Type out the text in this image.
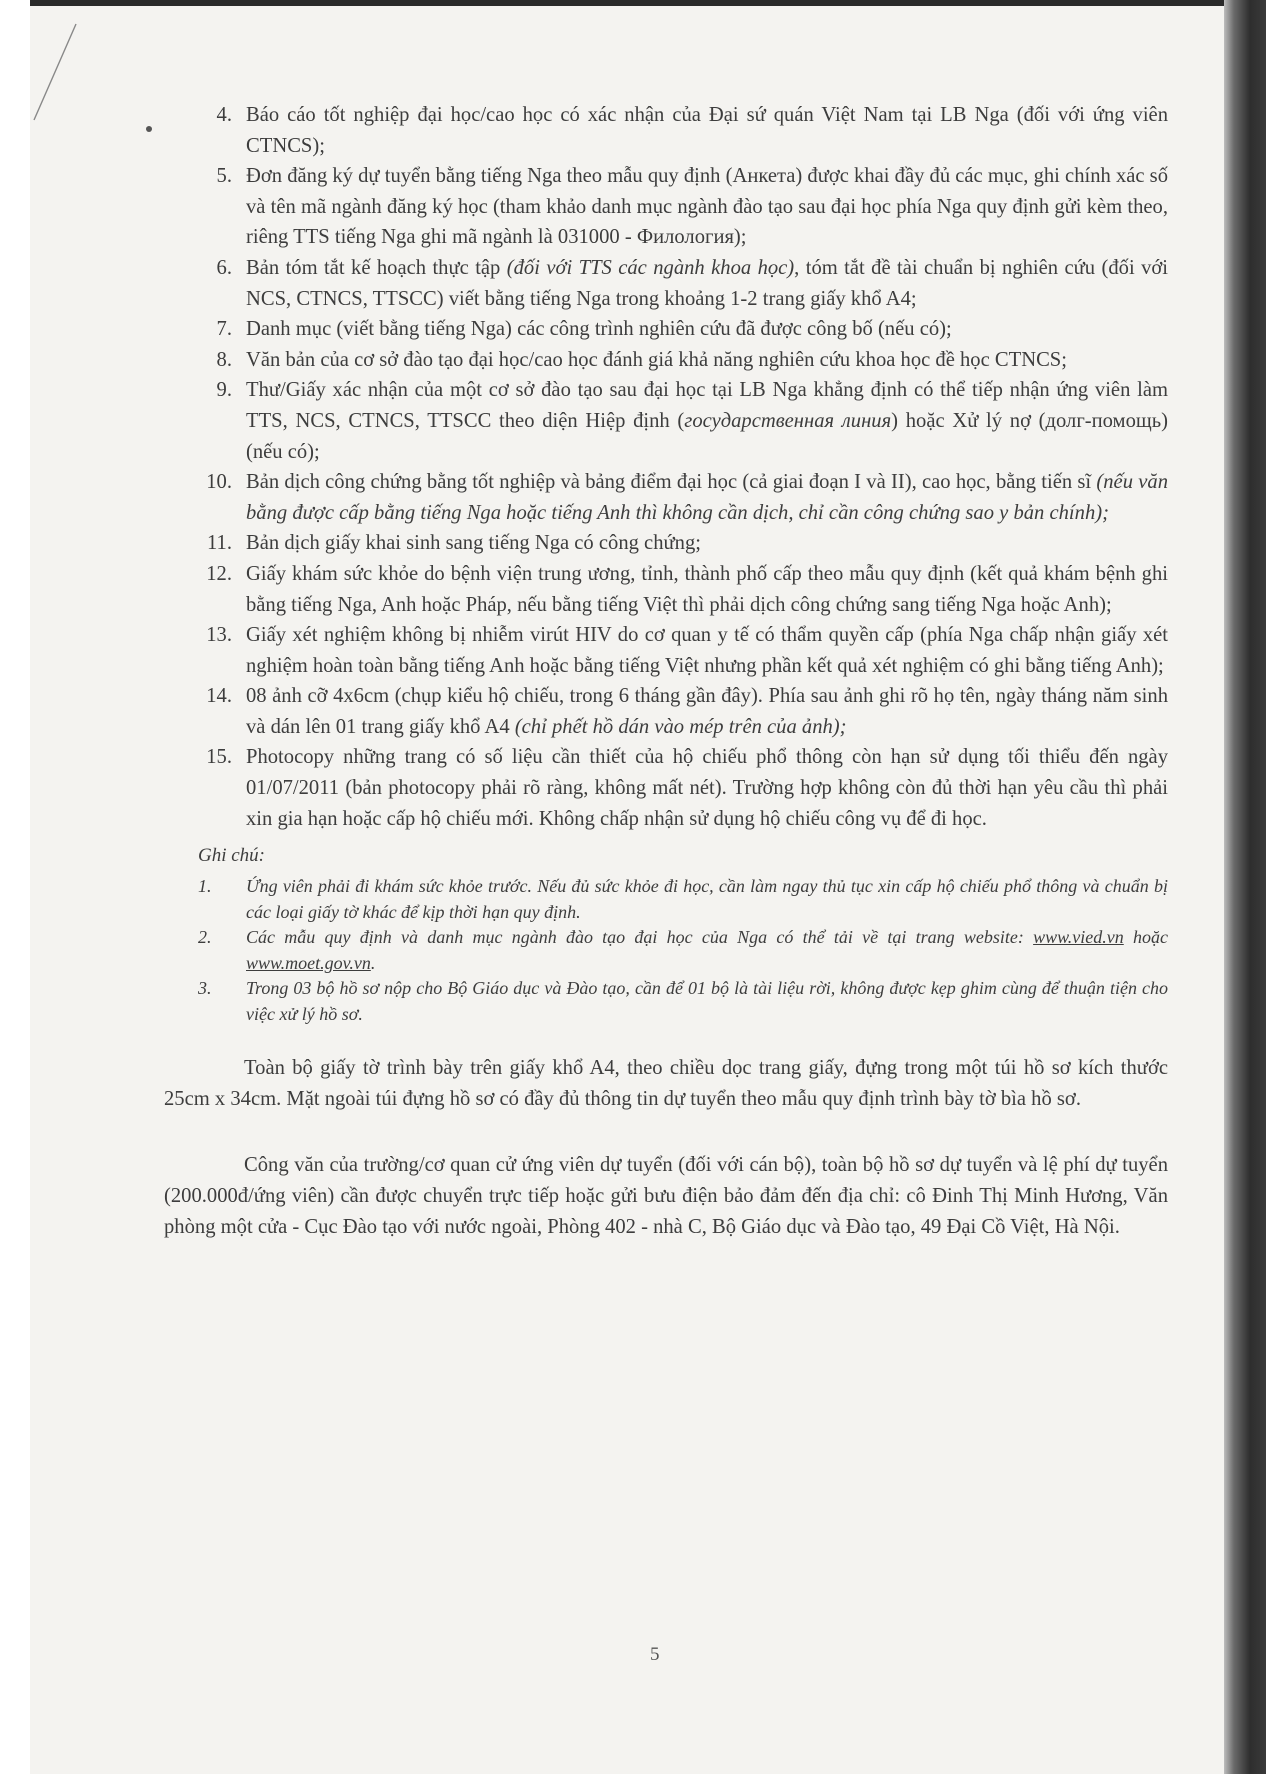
4. Báo cáo tốt nghiệp đại học/cao học có xác nhận của Đại sứ quán Việt Nam tại LB Nga (đối với ứng viên CTNCS);
5. Đơn đăng ký dự tuyển bằng tiếng Nga theo mẫu quy định (Анкета) được khai đầy đủ các mục, ghi chính xác số và tên mã ngành đăng ký học (tham khảo danh mục ngành đào tạo sau đại học phía Nga quy định gửi kèm theo, riêng TTS tiếng Nga ghi mã ngành là 031000 - Филология);
6. Bản tóm tắt kế hoạch thực tập (đối với TTS các ngành khoa học), tóm tắt đề tài chuẩn bị nghiên cứu (đối với NCS, CTNCS, TTSCC) viết bằng tiếng Nga trong khoảng 1-2 trang giấy khổ A4;
7. Danh mục (viết bằng tiếng Nga) các công trình nghiên cứu đã được công bố (nếu có);
8. Văn bản của cơ sở đào tạo đại học/cao học đánh giá khả năng nghiên cứu khoa học đề học CTNCS;
9. Thư/Giấy xác nhận của một cơ sở đào tạo sau đại học tại LB Nga khẳng định có thể tiếp nhận ứng viên làm TTS, NCS, CTNCS, TTSCC theo diện Hiệp định (государственная линия) hoặc Xử lý nợ (долг-помощь) (nếu có);
10. Bản dịch công chứng bằng tốt nghiệp và bảng điểm đại học (cả giai đoạn I và II), cao học, bằng tiến sĩ (nếu văn bằng được cấp bằng tiếng Nga hoặc tiếng Anh thì không cần dịch, chỉ cần công chứng sao y bản chính);
11. Bản dịch giấy khai sinh sang tiếng Nga có công chứng;
12. Giấy khám sức khỏe do bệnh viện trung ương, tỉnh, thành phố cấp theo mẫu quy định (kết quả khám bệnh ghi bằng tiếng Nga, Anh hoặc Pháp, nếu bằng tiếng Việt thì phải dịch công chứng sang tiếng Nga hoặc Anh);
13. Giấy xét nghiệm không bị nhiễm virút HIV do cơ quan y tế có thẩm quyền cấp (phía Nga chấp nhận giấy xét nghiệm hoàn toàn bằng tiếng Anh hoặc bằng tiếng Việt nhưng phần kết quả xét nghiệm có ghi bằng tiếng Anh);
14. 08 ảnh cỡ 4x6cm (chụp kiểu hộ chiếu, trong 6 tháng gần đây). Phía sau ảnh ghi rõ họ tên, ngày tháng năm sinh và dán lên 01 trang giấy khổ A4 (chỉ phết hồ dán vào mép trên của ảnh);
15. Photocopy những trang có số liệu cần thiết của hộ chiếu phổ thông còn hạn sử dụng tối thiểu đến ngày 01/07/2011 (bản photocopy phải rõ ràng, không mất nét). Trường hợp không còn đủ thời hạn yêu cầu thì phải xin gia hạn hoặc cấp hộ chiếu mới. Không chấp nhận sử dụng hộ chiếu công vụ để đi học.
Ghi chú:
1. Ứng viên phải đi khám sức khỏe trước. Nếu đủ sức khỏe đi học, cần làm ngay thủ tục xin cấp hộ chiếu phổ thông và chuẩn bị các loại giấy tờ khác để kịp thời hạn quy định.
2. Các mẫu quy định và danh mục ngành đào tạo đại học của Nga có thể tải về tại trang website: www.vied.vn hoặc www.moet.gov.vn.
3. Trong 03 bộ hồ sơ nộp cho Bộ Giáo dục và Đào tạo, cần để 01 bộ là tài liệu rời, không được kẹp ghim cùng để thuận tiện cho việc xử lý hồ sơ.

Toàn bộ giấy tờ trình bày trên giấy khổ A4, theo chiều dọc trang giấy, đựng trong một túi hồ sơ kích thước 25cm x 34cm. Mặt ngoài túi đựng hồ sơ có đầy đủ thông tin dự tuyển theo mẫu quy định trình bày tờ bìa hồ sơ.

Công văn của trường/cơ quan cử ứng viên dự tuyển (đối với cán bộ), toàn bộ hồ sơ dự tuyển và lệ phí dự tuyển (200.000đ/ứng viên) cần được chuyển trực tiếp hoặc gửi bưu điện bảo đảm đến địa chỉ: cô Đinh Thị Minh Hương, Văn phòng một cửa - Cục Đào tạo với nước ngoài, Phòng 402 - nhà C, Bộ Giáo dục và Đào tạo, 49 Đại Cồ Việt, Hà Nội.

5
